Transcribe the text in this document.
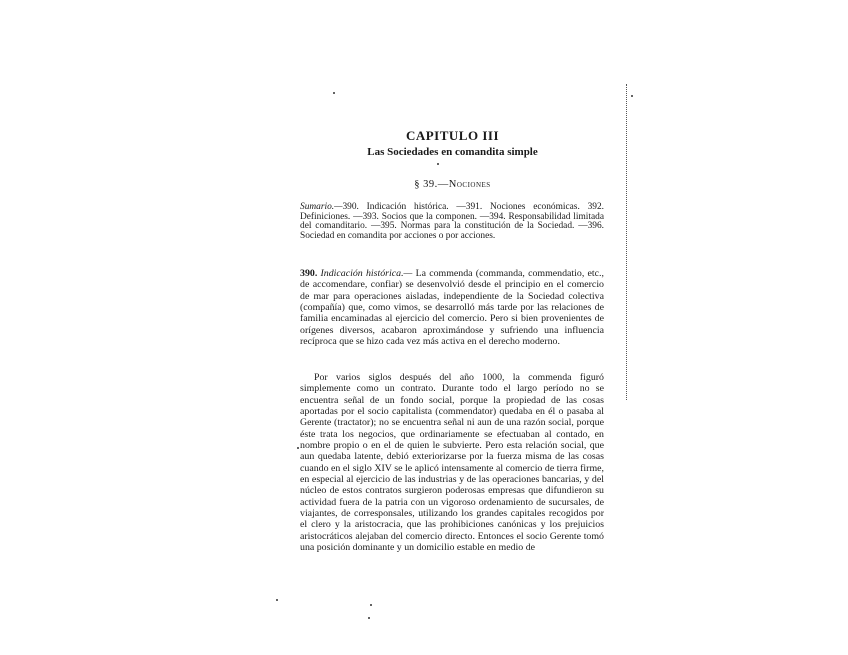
CAPITULO III
Las Sociedades en comandita simple
§ 39.—Nociones

Sumario.—390. Indicación histórica. —391. Nociones económicas. 392. Definiciones. —393. Socios que la componen. —394. Responsabilidad limitada del comanditario. —395. Normas para la constitución de la Sociedad. —396. Sociedad en comandita por acciones o por acciones.

390. Indicación histórica.— La commenda (commanda, commendatio, etc., de accomendare, confiar) se desenvolvió desde el principio en el comercio de mar para operaciones aisladas, independiente de la Sociedad colectiva (compañía) que, como vimos, se desarrolló más tarde por las relaciones de familia encaminadas al ejercicio del comercio. Pero si bien provenientes de orígenes diversos, acabaron aproximándose y sufriendo una influencia recíproca que se hizo cada vez más activa en el derecho moderno.

Por varios siglos después del año 1000, la commenda figuró simplemente como un contrato. Durante todo el largo período no se encuentra señal de un fondo social, porque la propiedad de las cosas aportadas por el socio capitalista (commendator) quedaba en él o pasaba al Gerente (tractator); no se encuentra señal ni aun de una razón social, porque éste trata los negocios, que ordinariamente se efectuaban al contado, en nombre propio o en el de quien le subvierte. Pero esta relación social, que aun quedaba latente, debió exteriorizarse por la fuerza misma de las cosas cuando en el siglo XIV se le aplicó intensamente al comercio de tierra firme, en especial al ejercicio de las industrias y de las operaciones bancarias, y del núcleo de estos contratos surgieron poderosas empresas que difundieron su actividad fuera de la patria con un vigoroso ordenamiento de sucursales, de viajantes, de corresponsales, utilizando los grandes capitales recogidos por el clero y la aristocracia, que las prohibiciones canónicas y los prejuicios aristocráticos alejaban del comercio directo. Entonces el socio Gerente tomó una posición dominante y un domicilio estable en medio de
